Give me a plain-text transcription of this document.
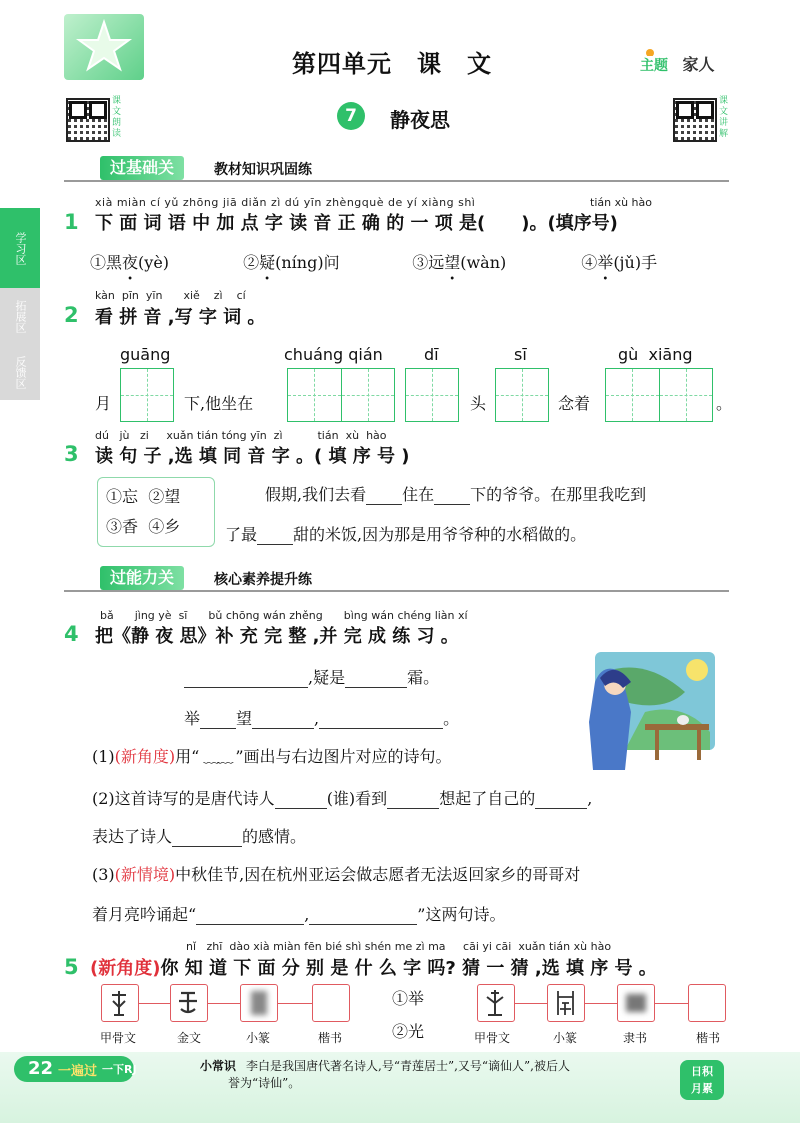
第四单元　课　文	主题 家人
课文朗读
课文讲解
7	静夜思
学习区
拓展区
反馈区
过基础关	教材知识巩固练
1
xià miàn cí yǔ zhōng jiā diǎn zì dú yīn zhèngquè de yí xiàng shì	tián xù hào
下 面 词 语 中 加 点 字 读 音 正 确 的 一 项 是( )。(填序号)
①黑夜(yè)	②疑(níng)问	③远望(wàn)	④举(jǔ)手
2
kàn pīn yīn xiě zì cí
看 拼 音 ,写 字 词 。
guāng	chuáng qián	dī	sī	gù  xiāng
月	下,他坐在	头	念着	。
3
dú jù zi xuǎn tián tóng yīn zì	tián xù hào
读 句 子 ,选 填 同 音 字 。( 填 序 号 )
①忘 ②望
③香 ④乡
假期,我们去看 住在 下的爷爷。在那里我吃到
了最 甜的米饭,因为那是用爷爷种的水稻做的。
过能力关	核心素养提升练
4
bǎ jìng yè sī bǔ chōng wán zhěng bìng wán chéng liàn xí
把《静 夜 思》补 充 完 整 ,并 完 成 练 习 。
,疑是	霜。
举 望	,	。
(1)(新角度)用“ ﹏﹏ ”画出与右边图片对应的诗句。
(2)这首诗写的是唐代诗人	(谁)看到	想起了自己的	,
表达了诗人	的感情。
(3)(新情境)中秋佳节,因在杭州亚运会做志愿者无法返回家乡的哥哥对
着月亮吟诵起“	,	”这两句诗。
5
nǐ zhī dào xià miàn fēn bié shì shén me zì ma cāi yi cāi xuǎn tián xù hào
(新角度)你 知 道 下 面 分 别 是 什 么 字 吗? 猜 一 猜 ,选 填 序 号 。
甲骨文	金文	小篆	楷书
①举
②光	甲骨文	小篆	隶书	楷书
22 一遍过 一下RJ	小常识 李白是我国唐代著名诗人,号“青莲居士”,又号“谪仙人”,被后人
誉为“诗仙”。
日积月累
